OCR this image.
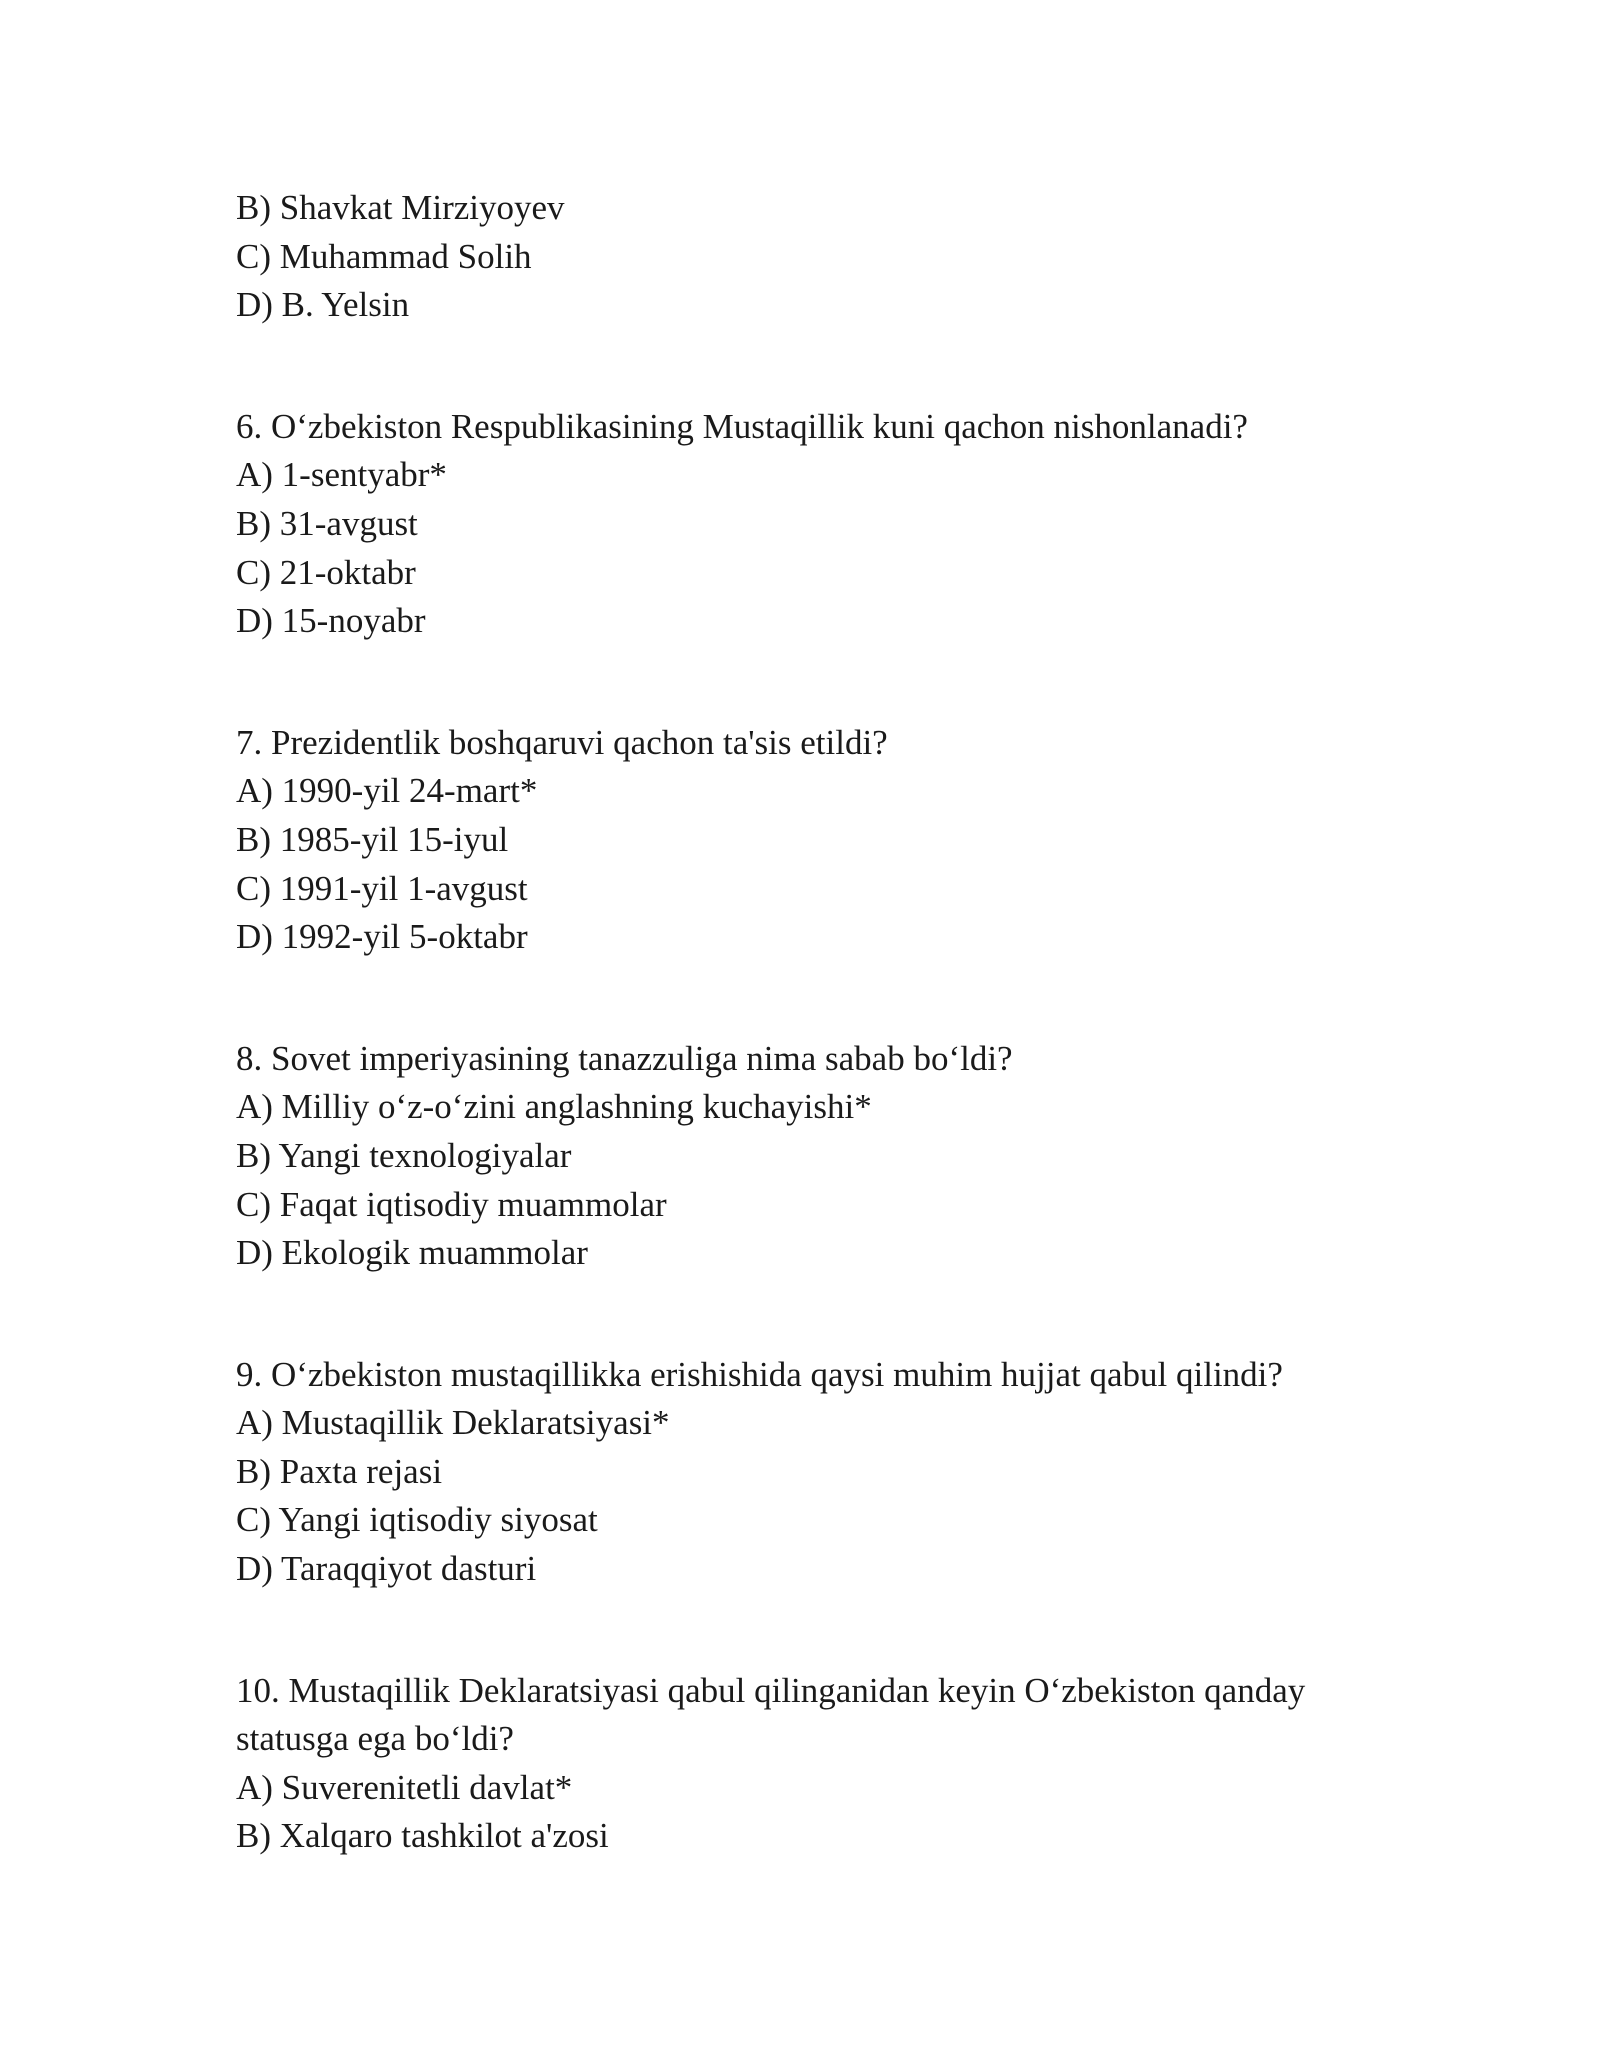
B) Shavkat Mirziyoyev

C) Muhammad Solih

D) B. Yelsin

6. O‘zbekiston Respublikasining Mustaqillik kuni qachon nishonlanadi?

A) 1-sentyabr*

B) 31-avgust

C) 21-oktabr

D) 15-noyabr

7. Prezidentlik boshqaruvi qachon ta'sis etildi?

A) 1990-yil 24-mart*

B) 1985-yil 15-iyul

C) 1991-yil 1-avgust

D) 1992-yil 5-oktabr

8. Sovet imperiyasining tanazzuliga nima sabab bo‘ldi?

A) Milliy o‘z-o‘zini anglashning kuchayishi*

B) Yangi texnologiyalar

C) Faqat iqtisodiy muammolar

D) Ekologik muammolar

9. O‘zbekiston mustaqillikka erishishida qaysi muhim hujjat qabul qilindi?

A) Mustaqillik Deklaratsiyasi*

B) Paxta rejasi

C) Yangi iqtisodiy siyosat

D) Taraqqiyot dasturi

10. Mustaqillik Deklaratsiyasi qabul qilinganidan keyin O‘zbekiston qanday statusga ega bo‘ldi?

A) Suverenitetli davlat*

B) Xalqaro tashkilot a'zosi
